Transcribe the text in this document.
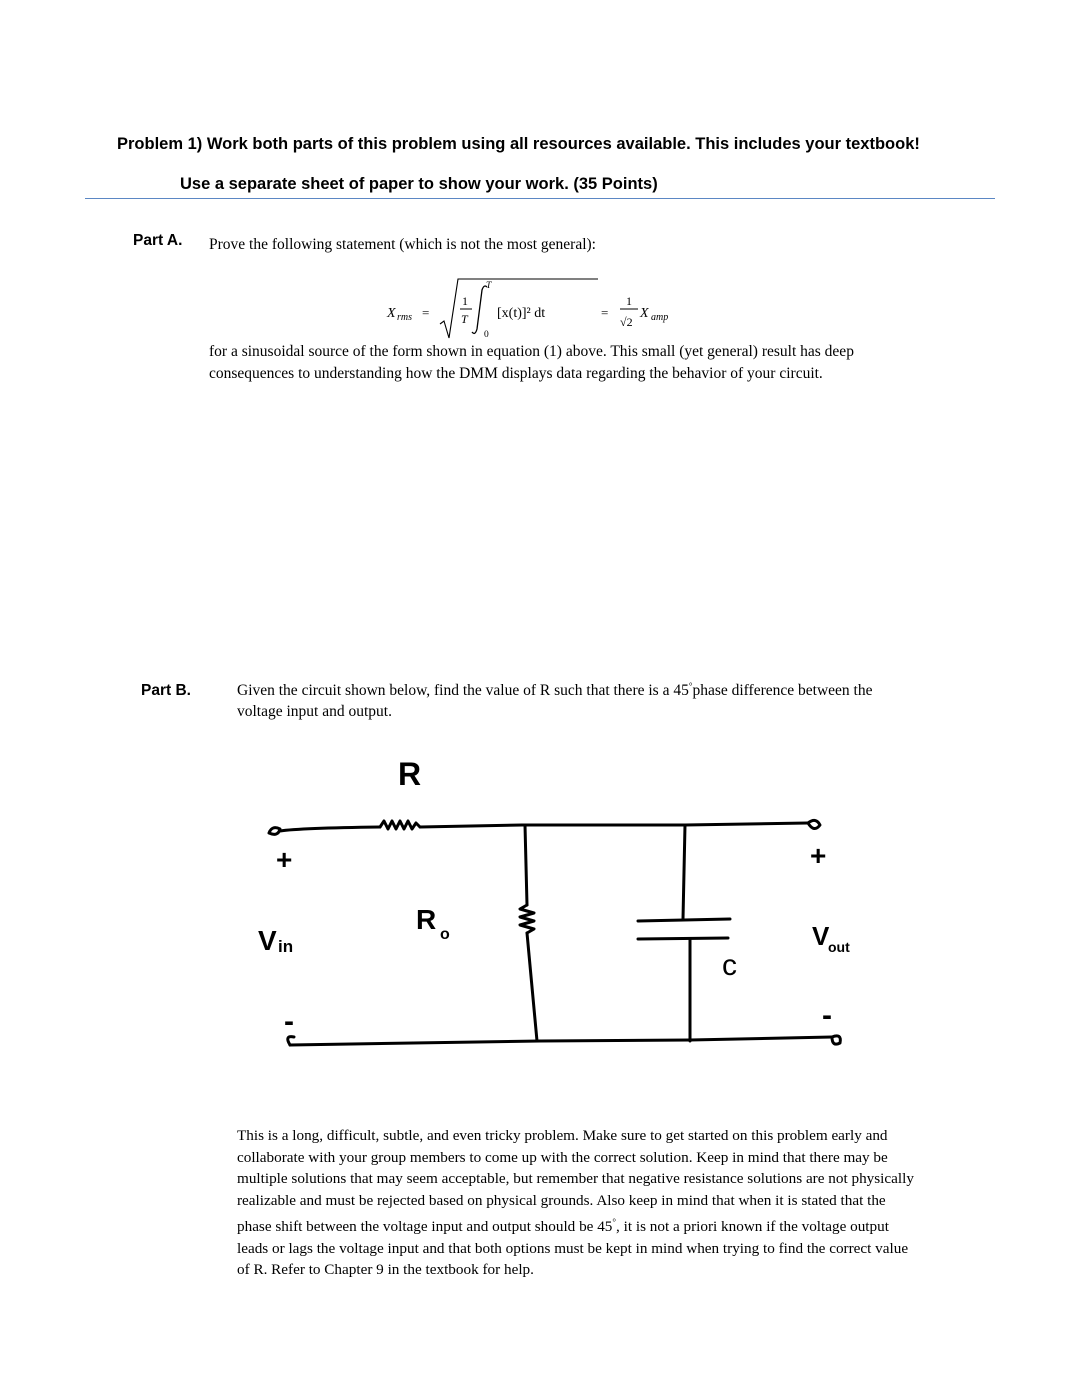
Problem 1) Work both parts of this problem using all resources available. This includes your textbook!
Use a separate sheet of paper to show your work. (35 Points)
Part A. Prove the following statement (which is not the most general):
X rms =
1
T
T
0
[x(t)]² dt	=
1
√2
X amp
for a sinusoidal source of the form shown in equation (1) above. This small (yet general) result has deep consequences to understanding how the DMM displays data regarding the behavior of your circuit.
Part B.	Given the circuit shown below, find the value of R such that there is a 45°phase difference between the voltage input and output.
R
R o
c
V in	V
out
+
-
+
-
This is a long, difficult, subtle, and even tricky problem. Make sure to get started on this problem early and collaborate with your group members to come up with the correct solution. Keep in mind that there may be multiple solutions that may seem acceptable, but remember that negative resistance solutions are not physically realizable and must be rejected based on physical grounds. Also keep in mind that when it is stated that the phase shift between the voltage input and output should be 45°, it is not a priori known if the voltage output leads or lags the voltage input and that both options must be kept in mind when trying to find the correct value of R. Refer to Chapter 9 in the textbook for help.
